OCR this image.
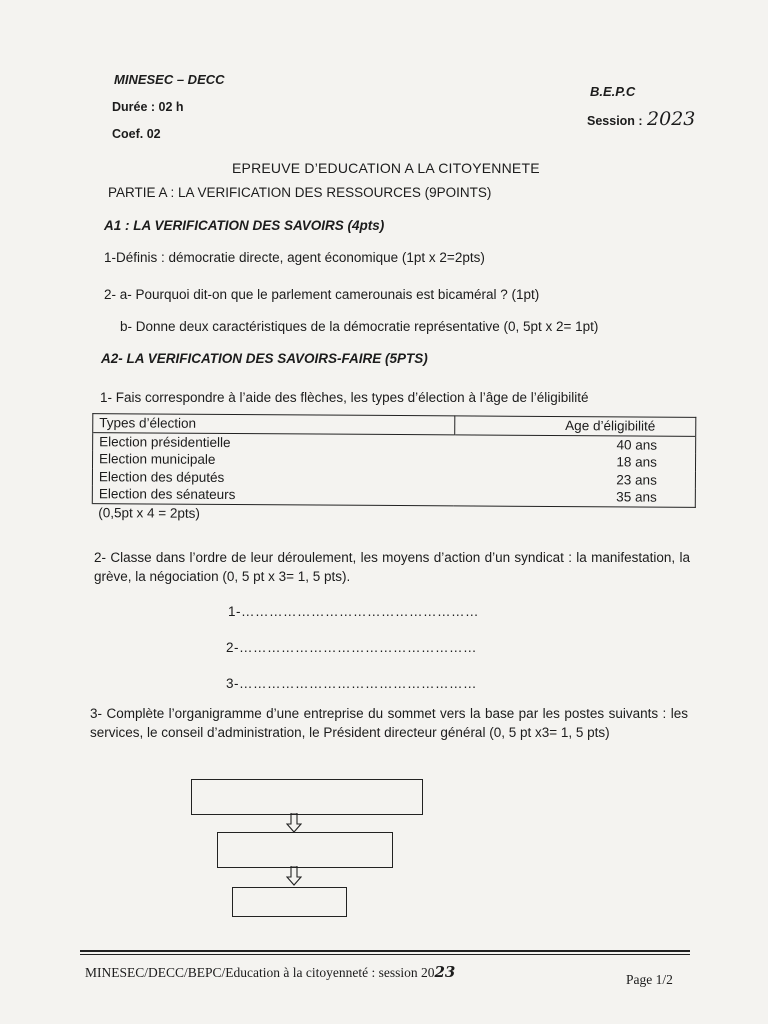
MINESEC – DECC
Durée : 02 h
Coef. 02
B.E.P.C
Session : 2023
EPREUVE D’EDUCATION A LA CITOYENNETE
PARTIE A : LA VERIFICATION DES RESSOURCES (9POINTS)
A1 : LA VERIFICATION DES SAVOIRS (4pts)
1-Définis : démocratie directe, agent économique (1pt x 2=2pts)
2- a- Pourquoi dit-on que le parlement camerounais est bicaméral ? (1pt)
b- Donne deux caractéristiques de la démocratie représentative (0, 5pt x 2= 1pt)
A2- LA VERIFICATION DES SAVOIRS-FAIRE (5PTS)
1- Fais correspondre à l’aide des flèches, les types d’élection à l’âge de l’éligibilité
Types d’élection	Age d’éligibilité
Election présidentielle	40 ans
Election municipale	18 ans
Election des députés	23 ans
Election des sénateurs	35 ans
(0,5pt x 4 = 2pts)	
2- Classe dans l’ordre de leur déroulement, les moyens d’action d’un syndicat : la manifestation, la grève, la négociation (0, 5 pt x 3= 1, 5 pts).
1-……………………………………………
2-……………………………………………
3-……………………………………………
3- Complète l’organigramme d’une entreprise du sommet vers la base par les postes suivants : les services, le conseil d’administration, le Président directeur général (0, 5 pt x3= 1, 5 pts)
MINESEC/DECC/BEPC/Education à la citoyenneté : session 2023	Page 1/2
